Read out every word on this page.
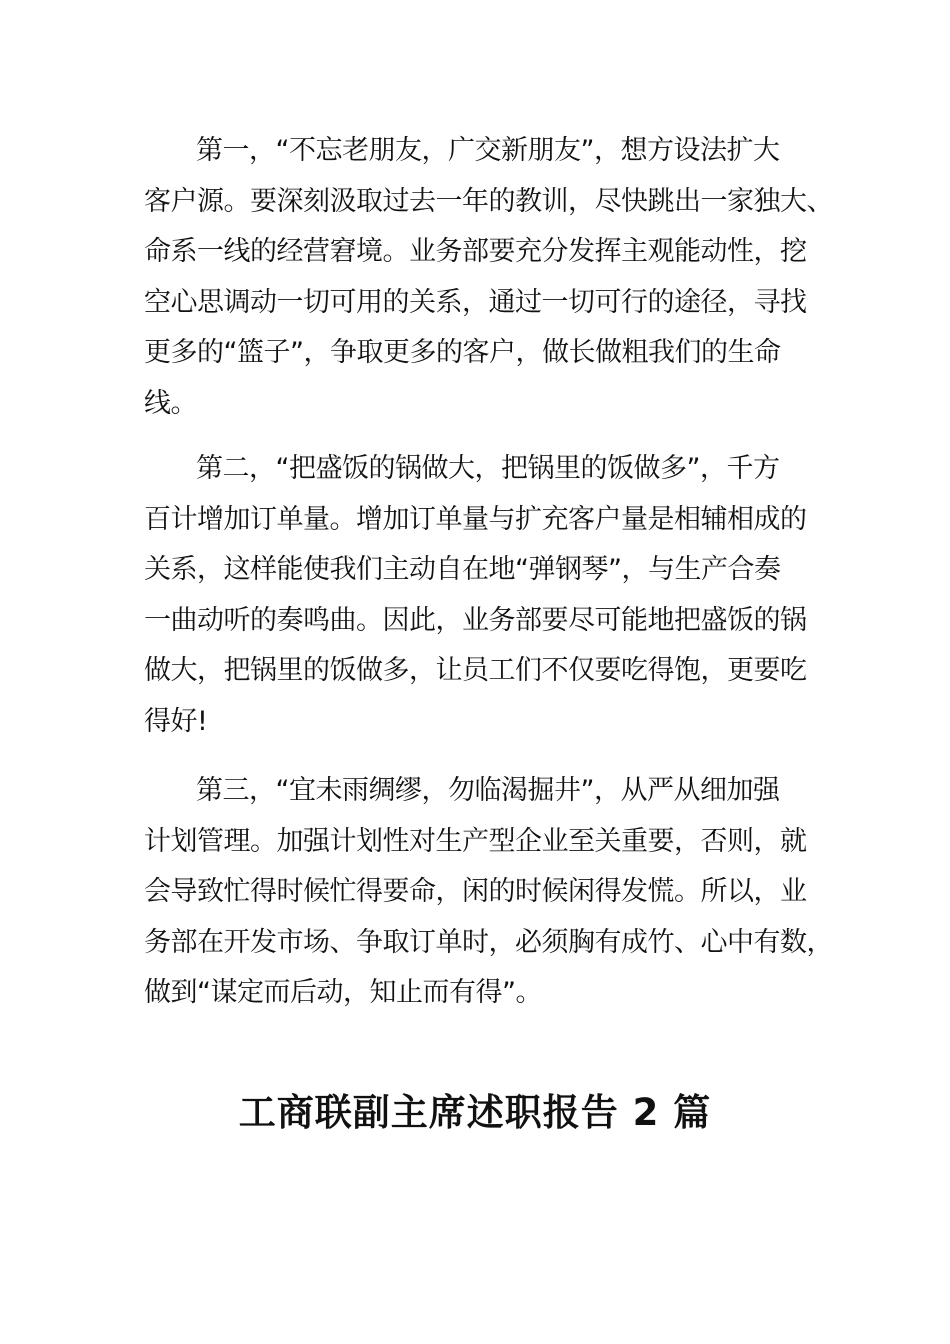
第一，“不忘老朋友，广交新朋友”，想方设法扩大
客户源。要深刻汲取过去一年的教训，尽快跳出一家独大、
命系一线的经营窘境。业务部要充分发挥主观能动性，挖
空心思调动一切可用的关系，通过一切可行的途径，寻找
更多的“篮子”，争取更多的客户，做长做粗我们的生命
线。

第二，“把盛饭的锅做大，把锅里的饭做多”，千方
百计增加订单量。增加订单量与扩充客户量是相辅相成的
关系，这样能使我们主动自在地“弹钢琴”，与生产合奏
一曲动听的奏鸣曲。因此，业务部要尽可能地把盛饭的锅
做大，把锅里的饭做多，让员工们不仅要吃得饱，更要吃
得好!

第三，“宜未雨绸缪，勿临渴掘井”，从严从细加强
计划管理。加强计划性对生产型企业至关重要，否则，就
会导致忙得时候忙得要命，闲的时候闲得发慌。所以，业
务部在开发市场、争取订单时，必须胸有成竹、心中有数，
做到“谋定而后动，知止而有得”。

工商联副主席述职报告 2 篇
